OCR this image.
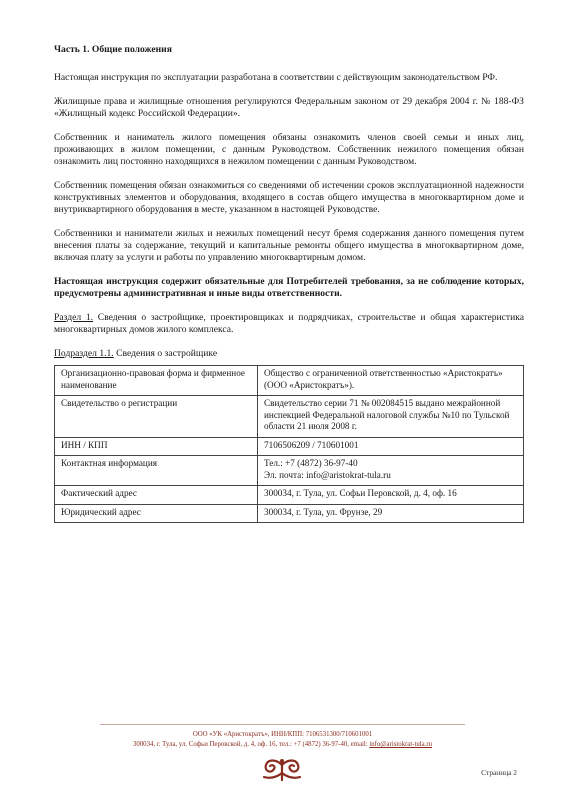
Часть 1. Общие положения

Настоящая инструкция по эксплуатации разработана в соответствии с действующим законодательством РФ.

Жилищные права и жилищные отношения регулируются Федеральным законом от 29 декабря 2004 г. № 188-ФЗ «Жилищный кодекс Российской Федерации».

Собственник и наниматель жилого помещения обязаны ознакомить членов своей семьи и иных лиц, проживающих в жилом помещении, с данным Руководством. Собственник нежилого помещения обязан ознакомить лиц постоянно находящихся в нежилом помещении с данным Руководством.

Собственник помещения обязан ознакомиться со сведениями об истечении сроков эксплуатационной надежности конструктивных элементов и оборудования, входящего в состав общего имущества в многоквартирном доме и внутриквартирного оборудования в месте, указанном в настоящей Руководстве.

Собственники и наниматели жилых и нежилых помещений несут бремя содержания данного помещения путем внесения платы за содержание, текущий и капитальные ремонты общего имущества в многоквартирном доме, включая плату за услуги и работы по управлению многоквартирным домом.

Настоящая инструкция содержит обязательные для Потребителей требования, за не соблюдение которых, предусмотрены административная и иные виды ответственности.

Раздел 1. Сведения о застройщике, проектировщиках и подрядчиках, строительстве и общая характеристика многоквартирных домов жилого комплекса.

Подраздел 1.1. Сведения о застройщике

Организационно-правовая форма и фирменное наименование	Общество с ограниченной ответственностью «Аристократъ» (ООО «Аристократъ»).
Свидетельство о регистрации	Свидетельство серии 71 № 002084515 выдано межрайонной инспекцией Федеральной налоговой службы №10 по Тульской области 21 июля 2008 г.
ИНН / КПП	7106506209 / 710601001
Контактная информация	Тел.: +7 (4872) 36-97-40
Эл. почта: info@aristokrat-tula.ru

Фактический адрес	300034, г. Тула, ул. Софьи Перовской, д. 4, оф. 16
Юридический адрес	300034, г. Тула, ул. Фрунзе, 29
ООО «УК «Аристократъ», ИНН/КПП: 7106531300/710601001
300034, г. Тула, ул. Софьи Перовской, д. 4, оф. 16, тел.: +7 (4872) 36-97-40, email: info@aristokrat-tula.ru
Страница 2
